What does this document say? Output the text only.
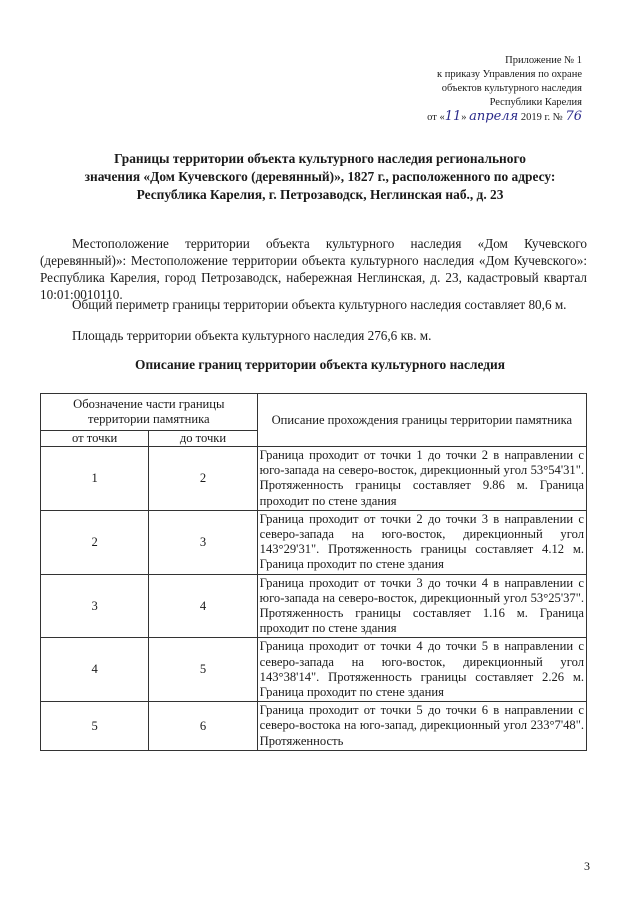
Приложение № 1
к приказу Управления по охране
объектов культурного наследия
Республики Карелия
от «11» апреля 2019 г. № 76
Границы территории объекта культурного наследия регионального
значения «Дом Кучевского (деревянный)», 1827 г., расположенного по адресу:
Республика Карелия, г. Петрозаводск, Неглинская наб., д. 23
Местоположение территории объекта культурного наследия «Дом Кучевского (деревянный)»: Местоположение территории объекта культурного наследия «Дом Кучевского»: Республика Карелия, город Петрозаводск, набережная Неглинская, д. 23, кадастровый квартал 10:01:0010110.
Общий периметр границы территории объекта культурного наследия составляет 80,6 м.
Площадь территории объекта культурного наследия 276,6 кв. м.
Описание границ территории объекта культурного наследия
Обозначение части границы территории памятника		Описание прохождения границы территории памятника
от точки	до точки	
1	2	Граница проходит от точки 1 до точки 2 в направлении с юго-запада на северо-восток, дирекционный угол 53°54'31". Протяженность границы составляет 9.86 м. Граница проходит по стене здания
2	3	Граница проходит от точки 2 до точки 3 в направлении с северо-запада на юго-восток, дирекционный угол 143°29'31". Протяженность границы составляет 4.12 м. Граница проходит по стене здания
3	4	Граница проходит от точки 3 до точки 4 в направлении с юго-запада на северо-восток, дирекционный угол 53°25'37". Протяженность границы составляет 1.16 м. Граница проходит по стене здания
4	5	Граница проходит от точки 4 до точки 5 в направлении с северо-запада на юго-восток, дирекционный угол 143°38'14". Протяженность границы составляет 2.26 м. Граница проходит по стене здания
5	6	Граница проходит от точки 5 до точки 6 в направлении с северо-востока на юго-запад, дирекционный угол 233°7'48". Протяженность
3
